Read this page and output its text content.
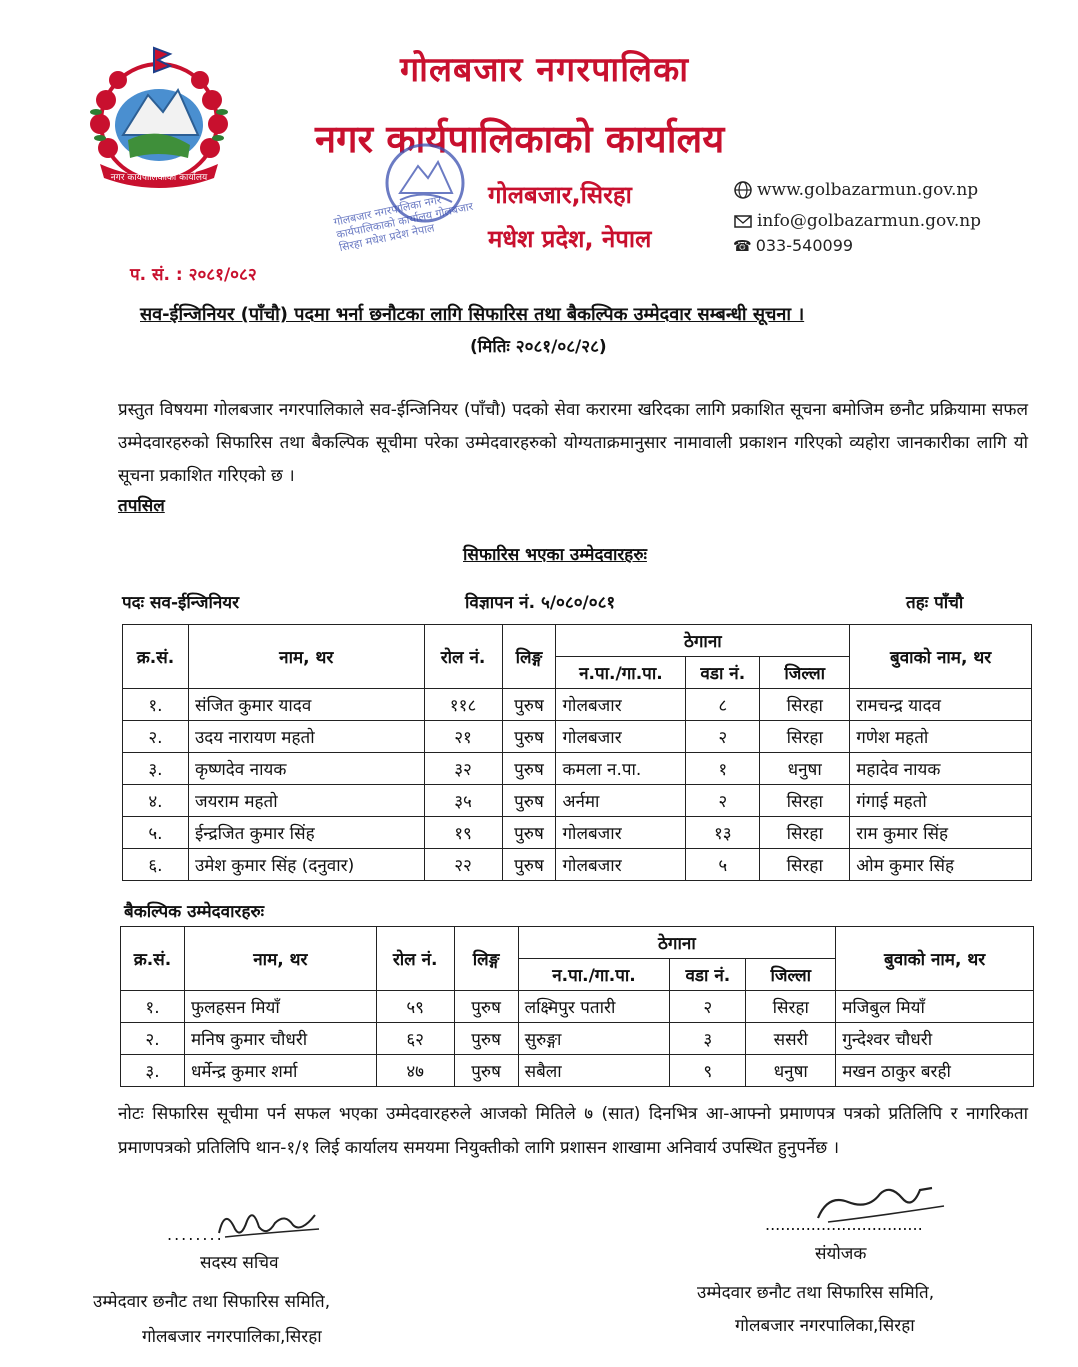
नगर कार्यपालिकाको कार्यालय
गोलबजार नगरपालिका
नगर कार्यपालिकाको कार्यालय
गोलबजार नगरपालिका नगर कार्यपालिकाको कार्यालय गोलबजार सिरहा मधेश प्रदेश नेपाल
गोलबजार,सिरहा
मधेश प्रदेश, नेपाल
www.golbazarmun.gov.np
info@golbazarmun.gov.np
☎ 033-540099
प. सं. : २०८१/०८२
सव-ईन्जिनियर (पाँचौ) पदमा भर्ना छनौटका लागि सिफारिस तथा बैकल्पिक उम्मेदवार सम्बन्धी सूचना ।
(मितिः २०८१/०८/२८)
प्रस्तुत विषयमा गोलबजार नगरपालिकाले सव-ईन्जिनियर (पाँचौ) पदको सेवा करारमा खरिदका लागि प्रकाशित सूचना बमोजिम छनौट प्रक्रियामा सफल उम्मेदवारहरुको सिफारिस तथा बैकल्पिक सूचीमा परेका उम्मेदवारहरुको योग्यताक्रमानुसार नामावाली प्रकाशन गरिएको व्यहोरा जानकारीका लागि यो सूचना प्रकाशित गरिएको छ ।
तपसिल
सिफारिस भएका उम्मेदवारहरुः
पदः सव-ईन्जिनियर	विज्ञापन नं. ५/०८०/०८१	तहः पाँचौ
क्र.सं.	नाम, थर	रोल नं.	लिङ्ग	ठेगाना			बुवाको नाम, थर
				न.पा./गा.पा.	वडा नं.	जिल्ला	
१.	संजित कुमार यादव	११८	पुरुष	गोलबजार	८	सिरहा	रामचन्द्र यादव
२.	उदय नारायण महतो	२१	पुरुष	गोलबजार	२	सिरहा	गणेश महतो
३.	कृष्णदेव नायक	३२	पुरुष	कमला न.पा.	१	धनुषा	महादेव नायक
४.	जयराम महतो	३५	पुरुष	अर्नमा	२	सिरहा	गंगाई महतो
५.	ईन्द्रजित कुमार सिंह	१९	पुरुष	गोलबजार	१३	सिरहा	राम कुमार सिंह
६.	उमेश कुमार सिंह (दनुवार)	२२	पुरुष	गोलबजार	५	सिरहा	ओम कुमार सिंह
बैकल्पिक उम्मेदवारहरुः
क्र.सं.	नाम, थर	रोल नं.	लिङ्ग	ठेगाना			बुवाको नाम, थर
				न.पा./गा.पा.	वडा नं.	जिल्ला	
१.	फुलहसन मियाँ	५९	पुरुष	लक्ष्मिपुर पतारी	२	सिरहा	मजिबुल मियाँ
२.	मनिष कुमार चौधरी	६२	पुरुष	सुरुङ्गा	३	ससरी	गुन्देश्वर चौधरी
३.	धर्मेन्द्र कुमार शर्मा	४७	पुरुष	सबैला	९	धनुषा	मखन ठाकुर बरही
नोटः सिफारिस सूचीमा पर्न सफल भएका उम्मेदवारहरुले आजको मितिले ७ (सात) दिनभित्र आ-आफ्नो प्रमाणपत्र पत्रको प्रतिलिपि र नागरिकता प्रमाणपत्रको प्रतिलिपि थान-१/१ लिई कार्यालय समयमा नियुक्तीको लागि प्रशासन शाखामा अनिवार्य उपस्थित हुनुपर्नेछ ।
........
सदस्य सचिव
उम्मेदवार छनौट तथा सिफारिस समिति,
गोलबजार नगरपालिका,सिरहा
...............................
संयोजक
उम्मेदवार छनौट तथा सिफारिस समिति,
गोलबजार नगरपालिका,सिरहा
